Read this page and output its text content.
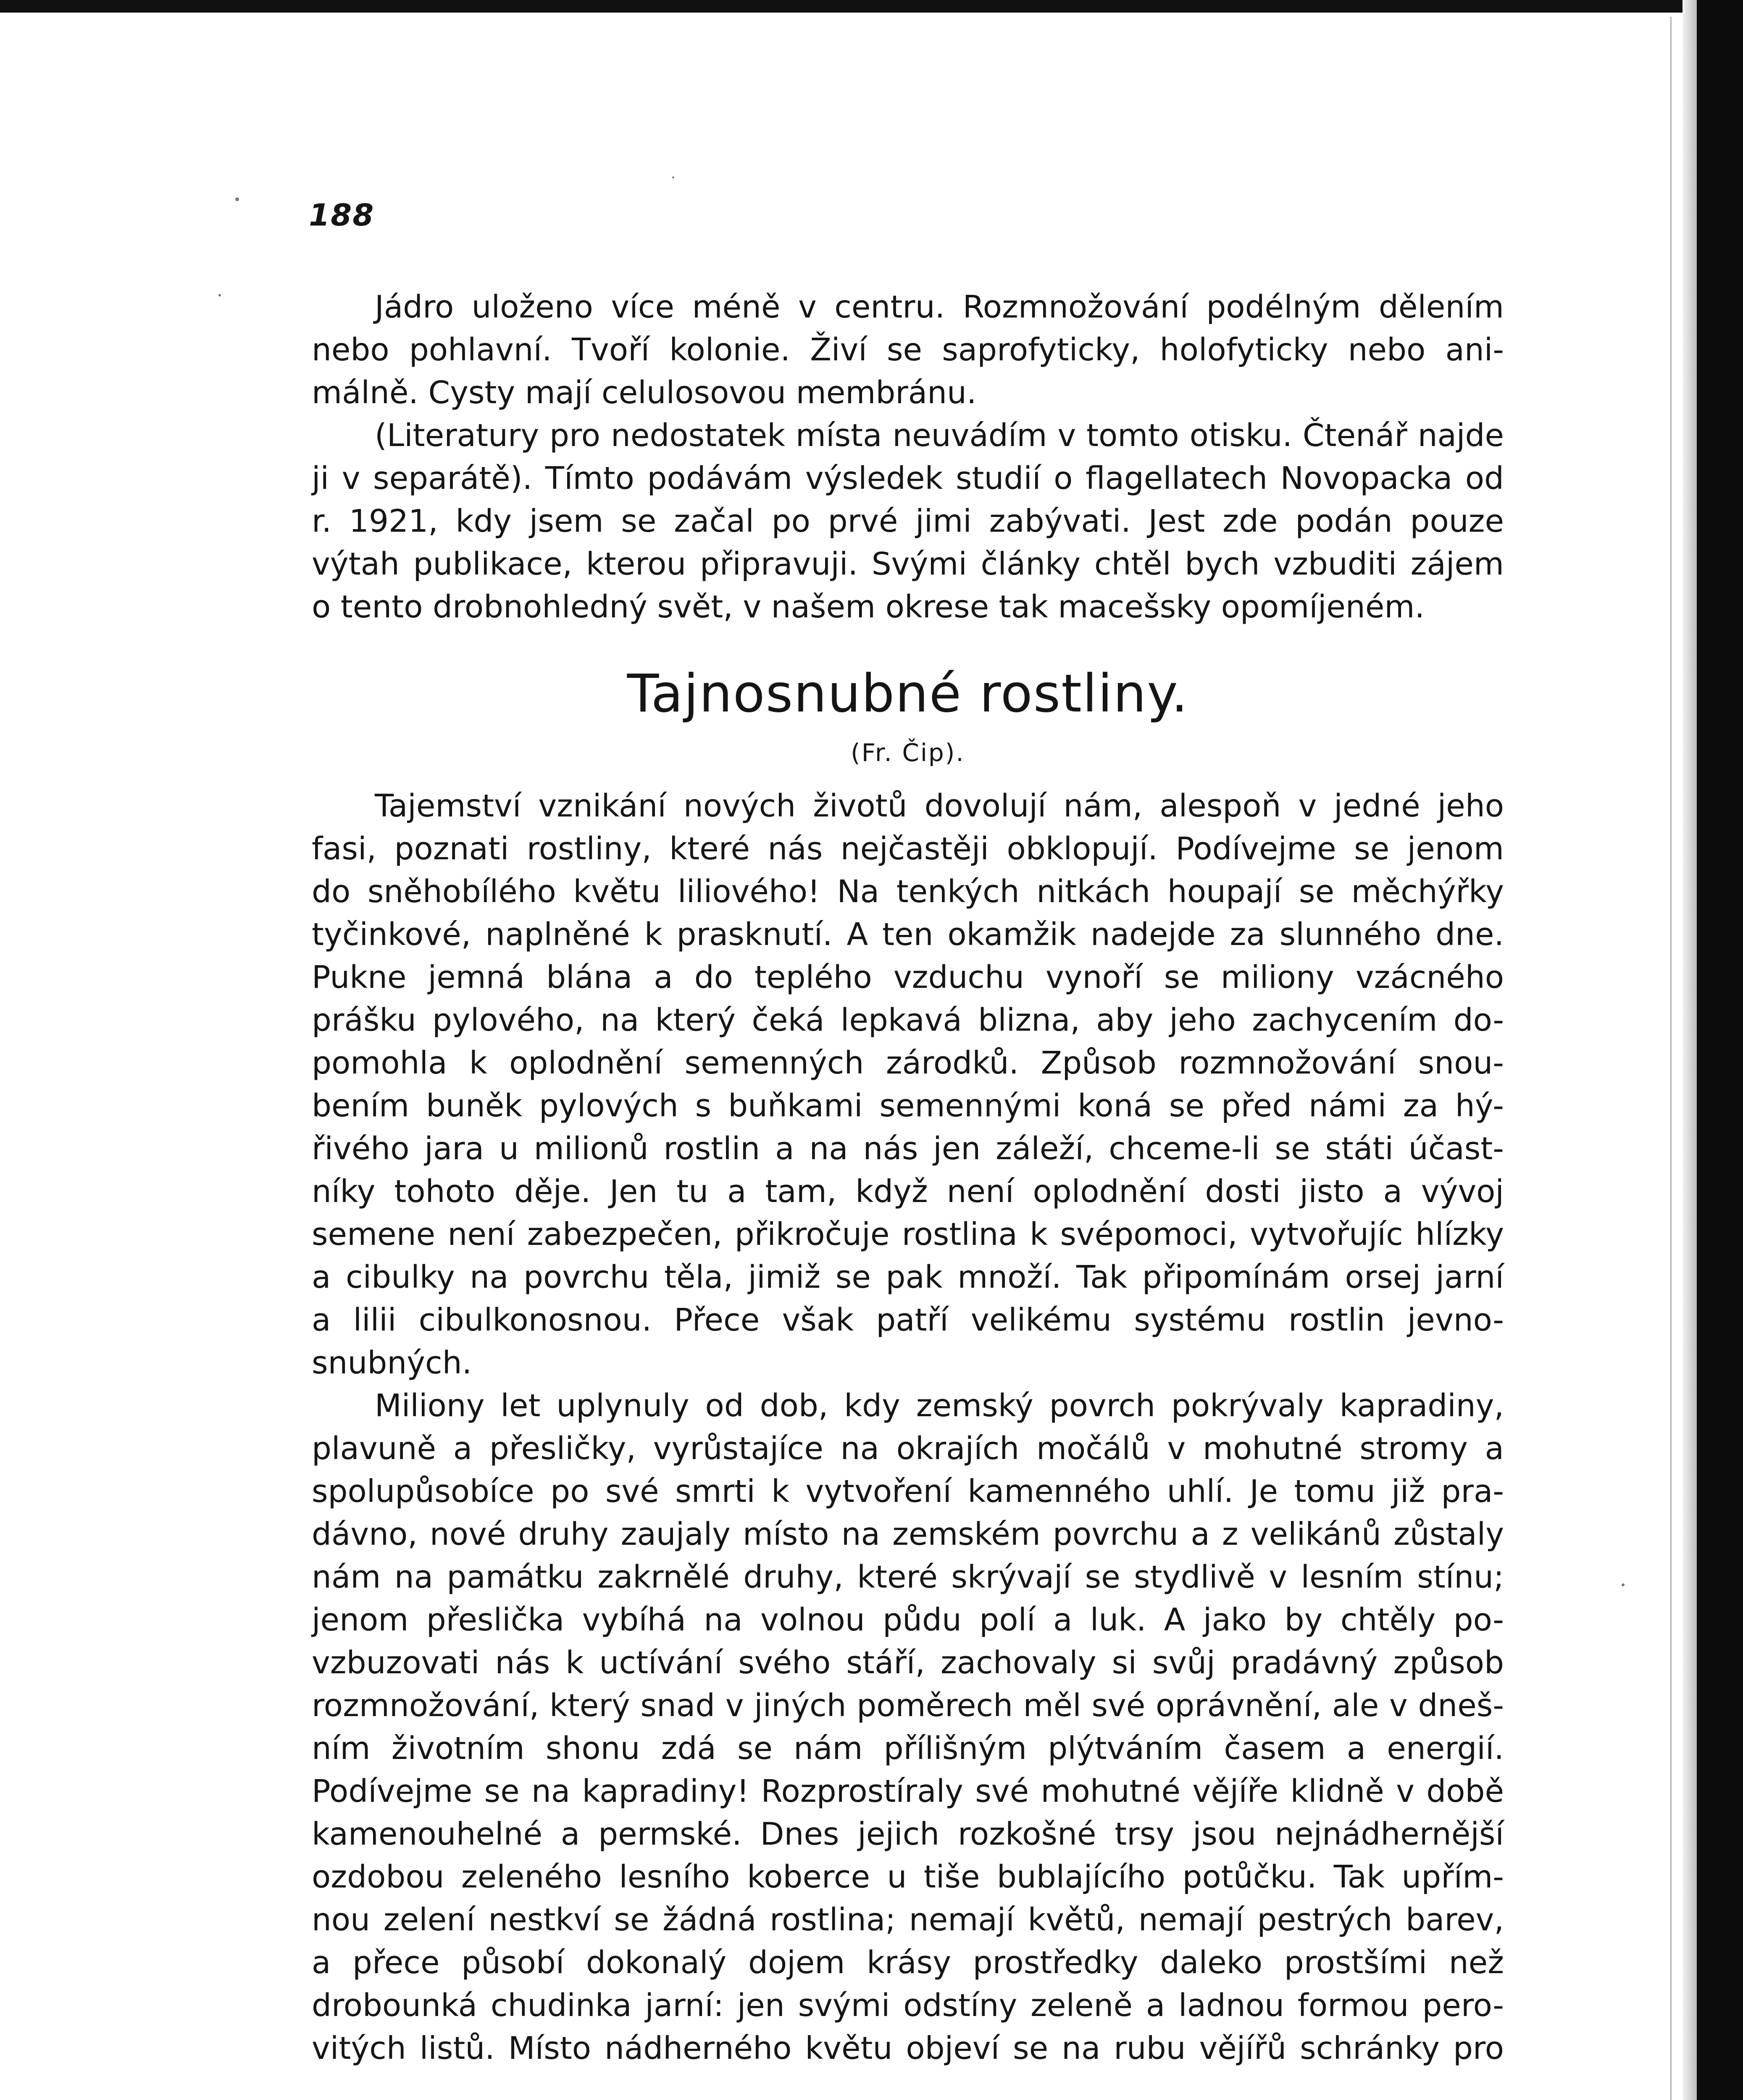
188
Jádro uloženo více méně v centru. Rozmnožování podélným dělením
nebo pohlavní. Tvoří kolonie. Živí se saprofyticky, holofyticky nebo ani-
málně. Cysty mají celulosovou membránu.
(Literatury pro nedostatek místa neuvádím v tomto otisku. Čtenář najde
ji v separátě). Tímto podávám výsledek studií o flagellatech Novopacka od
r. 1921, kdy jsem se začal po prvé jimi zabývati. Jest zde podán pouze
výtah publikace, kterou připravuji. Svými články chtěl bych vzbuditi zájem
o tento drobnohledný svět, v našem okrese tak macešsky opomíjeném.
Tajnosnubné rostliny.
(Fr. Čip).
Tajemství vznikání nových životů dovolují nám, alespoň v jedné jeho
fasi, poznati rostliny, které nás nejčastěji obklopují. Podívejme se jenom
do sněhobílého květu liliového! Na tenkých nitkách houpají se měchýřky
tyčinkové, naplněné k prasknutí. A ten okamžik nadejde za slunného dne.
Pukne jemná blána a do teplého vzduchu vynoří se miliony vzácného
prášku pylového, na který čeká lepkavá blizna, aby jeho zachycením do-
pomohla k oplodnění semenných zárodků. Způsob rozmnožování snou-
bením buněk pylových s buňkami semennými koná se před námi za hý-
řivého jara u milionů rostlin a na nás jen záleží, chceme-li se státi účast-
níky tohoto děje. Jen tu a tam, když není oplodnění dosti jisto a vývoj
semene není zabezpečen, přikročuje rostlina k svépomoci, vytvořujíc hlízky
a cibulky na povrchu těla, jimiž se pak množí. Tak připomínám orsej jarní
a lilii cibulkonosnou. Přece však patří velikému systému rostlin jevno-
snubných.
Miliony let uplynuly od dob, kdy zemský povrch pokrývaly kapradiny,
plavuně a přesličky, vyrůstajíce na okrajích močálů v mohutné stromy a
spolupůsobíce po své smrti k vytvoření kamenného uhlí. Je tomu již pra-
dávno, nové druhy zaujaly místo na zemském povrchu a z velikánů zůstaly
nám na památku zakrnělé druhy, které skrývají se stydlivě v lesním stínu;
jenom přeslička vybíhá na volnou půdu polí a luk. A jako by chtěly po-
vzbuzovati nás k uctívání svého stáří, zachovaly si svůj pradávný způsob
rozmnožování, který snad v jiných poměrech měl své oprávnění, ale v dneš-
ním životním shonu zdá se nám přílišným plýtváním časem a energií.
Podívejme se na kapradiny! Rozprostíraly své mohutné vějíře klidně v době
kamenouhelné a permské. Dnes jejich rozkošné trsy jsou nejnádhernější
ozdobou zeleného lesního koberce u tiše bublajícího potůčku. Tak upřím-
nou zelení nestkví se žádná rostlina; nemají květů, nemají pestrých barev,
a přece působí dokonalý dojem krásy prostředky daleko prostšími než
drobounká chudinka jarní: jen svými odstíny zeleně a ladnou formou pero-
vitých listů. Místo nádherného květu objeví se na rubu vějířů schránky pro
